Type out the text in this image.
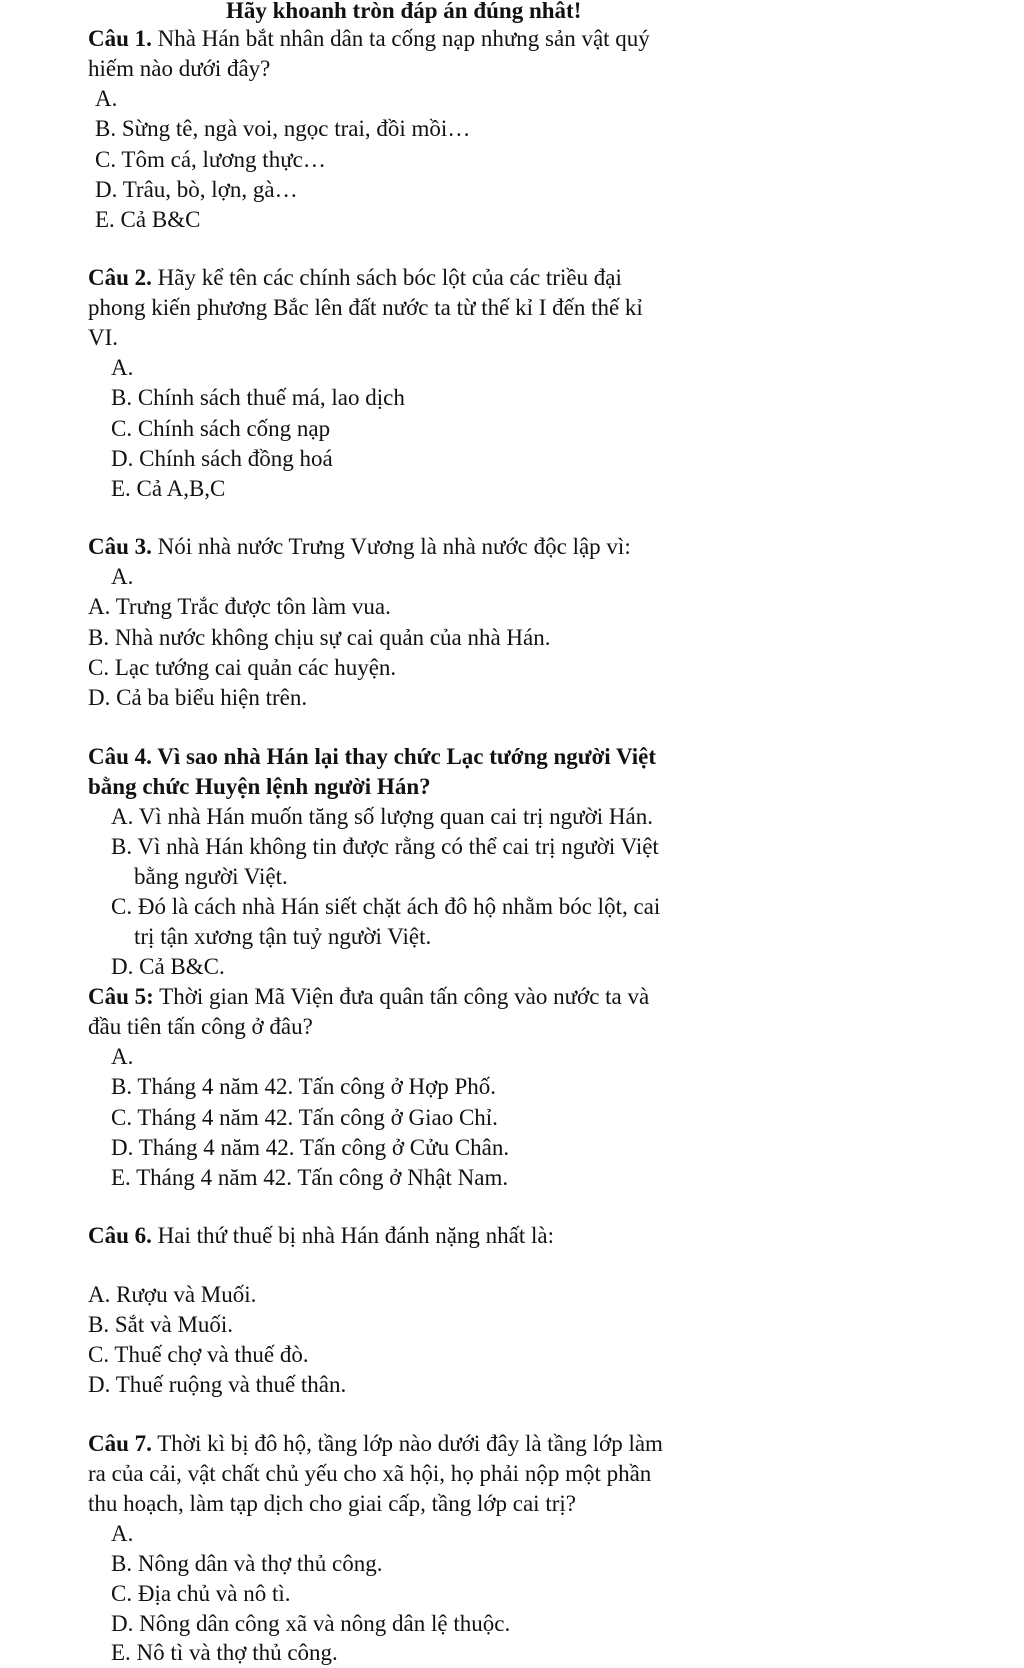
Hãy khoanh tròn đáp án đúng nhât!
Câu 1. Nhà Hán bắt nhân dân ta cống nạp nhưng sản vật quý
hiếm nào dưới đây?
A.
B. Sừng tê, ngà voi, ngọc trai, đồi mồi…
C. Tôm cá, lương thực…
D. Trâu, bò, lợn, gà…
E. Cả B&C
Câu 2. Hãy kể tên các chính sách bóc lột của các triều đại
phong kiến phương Bắc lên đất nước ta từ thế kỉ I đến thế kỉ
VI.
A.
B. Chính sách thuế má, lao dịch
C. Chính sách cống nạp
D. Chính sách đồng hoá
E. Cả A,B,C
Câu 3. Nói nhà nước Trưng Vương là nhà nước độc lập vì:
A.
A. Trưng Trắc được tôn làm vua.
B. Nhà nước không chịu sự cai quản của nhà Hán.
C. Lạc tướng cai quản các huyện.
D. Cả ba biểu hiện trên.
Câu 4. Vì sao nhà Hán lại thay chức Lạc tướng người Việt
bằng chức Huyện lệnh người Hán?
A. Vì nhà Hán muốn tăng số lượng quan cai trị người Hán.
B. Vì nhà Hán không tin được rằng có thể cai trị người Việt
bằng người Việt.
C. Đó là cách nhà Hán siết chặt ách đô hộ nhằm bóc lột, cai
trị tận xương tận tuỷ người Việt.
D. Cả B&C.
Câu 5: Thời gian Mã Viện đưa quân tấn công vào nước ta và
đầu tiên tấn công ở đâu?
A.
B. Tháng 4 năm 42. Tấn công ở Hợp Phố.
C. Tháng 4 năm 42. Tấn công ở Giao Chỉ.
D. Tháng 4 năm 42. Tấn công ở Cửu Chân.
E. Tháng 4 năm 42. Tấn công ở Nhật Nam.
Câu 6. Hai thứ thuế bị nhà Hán đánh nặng nhất là:
A. Rượu và Muối.
B. Sắt và Muối.
C. Thuế chợ và thuế đò.
D. Thuế ruộng và thuế thân.
Câu 7. Thời kì bị đô hộ, tầng lớp nào dưới đây là tầng lớp làm
ra của cải, vật chất chủ yếu cho xã hội, họ phải nộp một phần
thu hoạch, làm tạp dịch cho giai cấp, tầng lớp cai trị?
A.
B. Nông dân và thợ thủ công.
C. Địa chủ và nô tì.
D. Nông dân công xã và nông dân lệ thuộc.
E. Nô tì và thợ thủ công.
